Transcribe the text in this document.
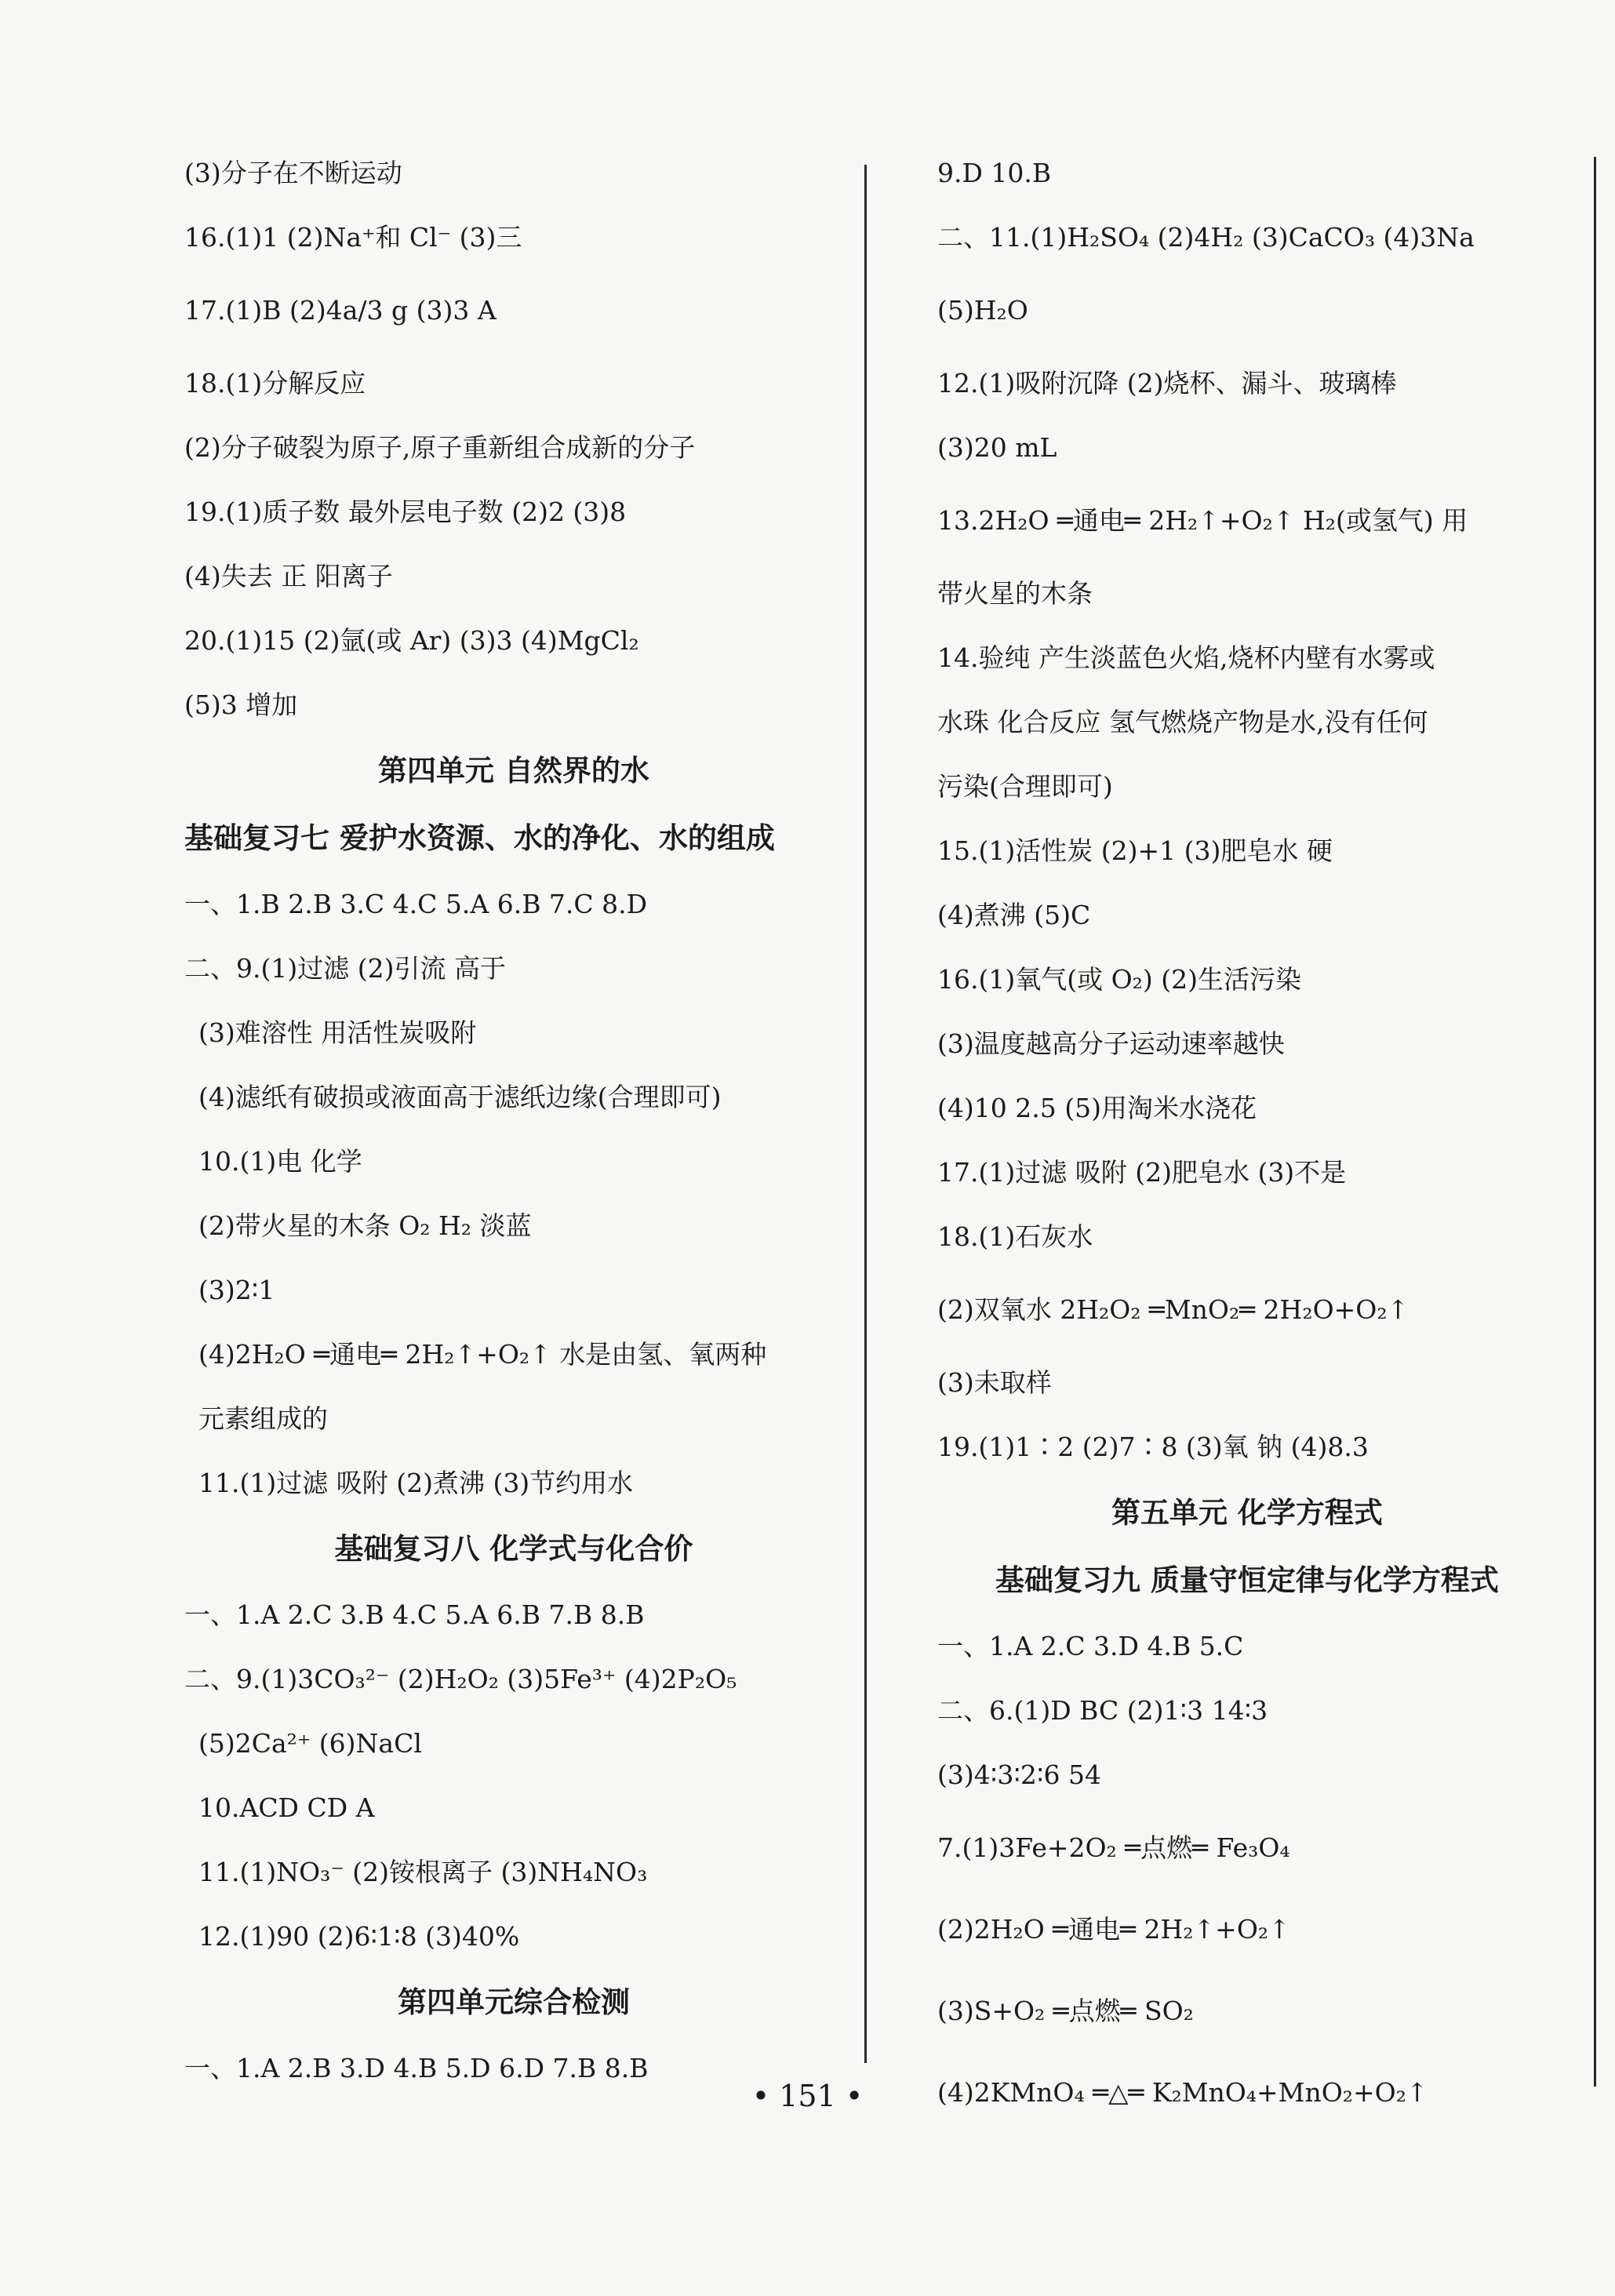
(3)分子在不断运动
16.(1)1 (2)Na⁺和 Cl⁻ (3)三
17.(1)B (2)4a/3 g (3)3 A
18.(1)分解反应
(2)分子破裂为原子,原子重新组合成新的分子
19.(1)质子数 最外层电子数 (2)2 (3)8
(4)失去 正 阳离子
20.(1)15 (2)氩(或 Ar) (3)3 (4)MgCl₂
(5)3 增加
第四单元 自然界的水
基础复习七 爱护水资源、水的净化、水的组成
一、1.B 2.B 3.C 4.C 5.A 6.B 7.C 8.D
二、9.(1)过滤 (2)引流 高于
(3)难溶性 用活性炭吸附
(4)滤纸有破损或液面高于滤纸边缘(合理即可)
10.(1)电 化学
(2)带火星的木条 O₂ H₂ 淡蓝
(3)2∶1
(4)2H₂O ═通电═ 2H₂↑+O₂↑ 水是由氢、氧两种
元素组成的
11.(1)过滤 吸附 (2)煮沸 (3)节约用水
基础复习八 化学式与化合价
一、1.A 2.C 3.B 4.C 5.A 6.B 7.B 8.B
二、9.(1)3CO₃²⁻ (2)H₂O₂ (3)5Fe³⁺ (4)2P₂O₅
(5)2Ca²⁺ (6)NaCl
10.ACD CD A
11.(1)NO₃⁻ (2)铵根离子 (3)NH₄NO₃
12.(1)90 (2)6∶1∶8 (3)40%
第四单元综合检测
一、1.A 2.B 3.D 4.B 5.D 6.D 7.B 8.B
9.D 10.B
二、11.(1)H₂SO₄ (2)4H₂ (3)CaCO₃ (4)3Na
(5)H₂O
12.(1)吸附沉降 (2)烧杯、漏斗、玻璃棒
(3)20 mL
13.2H₂O ═通电═ 2H₂↑+O₂↑ H₂(或氢气) 用
带火星的木条
14.验纯 产生淡蓝色火焰,烧杯内壁有水雾或
水珠 化合反应 氢气燃烧产物是水,没有任何
污染(合理即可)
15.(1)活性炭 (2)+1 (3)肥皂水 硬
(4)煮沸 (5)C
16.(1)氧气(或 O₂) (2)生活污染
(3)温度越高分子运动速率越快
(4)10 2.5 (5)用淘米水浇花
17.(1)过滤 吸附 (2)肥皂水 (3)不是
18.(1)石灰水
(2)双氧水 2H₂O₂ ═MnO₂═ 2H₂O+O₂↑
(3)未取样
19.(1)1∶2 (2)7∶8 (3)氧 钠 (4)8.3
第五单元 化学方程式
基础复习九 质量守恒定律与化学方程式
一、1.A 2.C 3.D 4.B 5.C
二、6.(1)D BC (2)1∶3 14∶3
(3)4∶3∶2∶6 54
7.(1)3Fe+2O₂ ═点燃═ Fe₃O₄
(2)2H₂O ═通电═ 2H₂↑+O₂↑
(3)S+O₂ ═点燃═ SO₂
(4)2KMnO₄ ═△═ K₂MnO₄+MnO₂+O₂↑
• 151 •
